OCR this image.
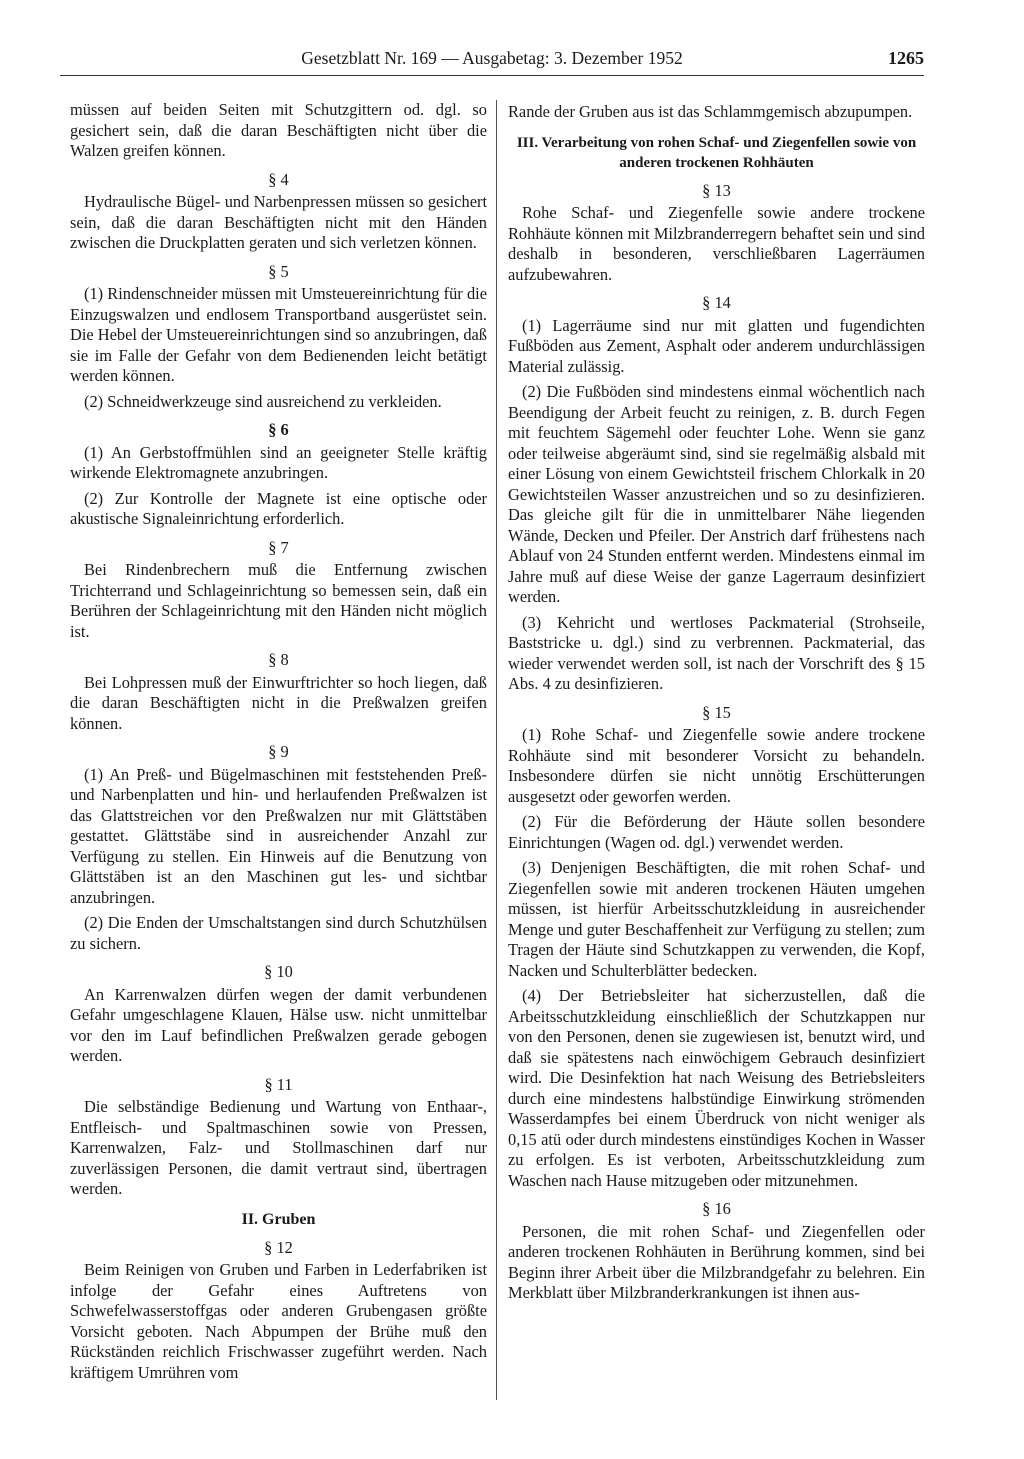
Gesetzblatt Nr. 169 — Ausgabetag: 3. Dezember 1952	1265

müssen auf beiden Seiten mit Schutzgittern od. dgl. so gesichert sein, daß die daran Beschäftigten nicht über die Walzen greifen können.

§ 4

Hydraulische Bügel- und Narbenpressen müssen so gesichert sein, daß die daran Beschäftigten nicht mit den Händen zwischen die Druckplatten geraten und sich verletzen können.

§ 5

(1) Rindenschneider müssen mit Umsteuereinrichtung für die Einzugswalzen und endlosem Transportband ausgerüstet sein. Die Hebel der Umsteuereinrichtungen sind so anzubringen, daß sie im Falle der Gefahr von dem Bedienenden leicht betätigt werden können.

(2) Schneidwerkzeuge sind ausreichend zu verkleiden.

§ 6

(1) An Gerbstoffmühlen sind an geeigneter Stelle kräftig wirkende Elektromagnete anzubringen.

(2) Zur Kontrolle der Magnete ist eine optische oder akustische Signaleinrichtung erforderlich.

§ 7

Bei Rindenbrechern muß die Entfernung zwischen Trichterrand und Schlageinrichtung so bemessen sein, daß ein Berühren der Schlageinrichtung mit den Händen nicht möglich ist.

§ 8

Bei Lohpressen muß der Einwurftrichter so hoch liegen, daß die daran Beschäftigten nicht in die Preßwalzen greifen können.

§ 9

(1) An Preß- und Bügelmaschinen mit feststehenden Preß- und Narbenplatten und hin- und herlaufenden Preßwalzen ist das Glattstreichen vor den Preßwalzen nur mit Glättstäben gestattet. Glättstäbe sind in ausreichender Anzahl zur Verfügung zu stellen. Ein Hinweis auf die Benutzung von Glättstäben ist an den Maschinen gut les- und sichtbar anzubringen.

(2) Die Enden der Umschaltstangen sind durch Schutzhülsen zu sichern.

§ 10

An Karrenwalzen dürfen wegen der damit verbundenen Gefahr umgeschlagene Klauen, Hälse usw. nicht unmittelbar vor den im Lauf befindlichen Preßwalzen gerade gebogen werden.

§ 11

Die selbständige Bedienung und Wartung von Enthaar-, Entfleisch- und Spaltmaschinen sowie von Pressen, Karrenwalzen, Falz- und Stollmaschinen darf nur zuverlässigen Personen, die damit vertraut sind, übertragen werden.

II. Gruben
§ 12

Beim Reinigen von Gruben und Farben in Lederfabriken ist infolge der Gefahr eines Auftretens von Schwefelwasserstoffgas oder anderen Grubengasen größte Vorsicht geboten. Nach Abpumpen der Brühe muß den Rückständen reichlich Frischwasser zugeführt werden. Nach kräftigem Umrühren vom

Rande der Gruben aus ist das Schlammgemisch abzupumpen.

III. Verarbeitung von rohen Schaf- und Ziegenfellen sowie von anderen trockenen Rohhäuten
§ 13

Rohe Schaf- und Ziegenfelle sowie andere trockene Rohhäute können mit Milzbranderregern behaftet sein und sind deshalb in besonderen, verschließbaren Lagerräumen aufzubewahren.

§ 14

(1) Lagerräume sind nur mit glatten und fugendichten Fußböden aus Zement, Asphalt oder anderem undurchlässigen Material zulässig.

(2) Die Fußböden sind mindestens einmal wöchentlich nach Beendigung der Arbeit feucht zu reinigen, z. B. durch Fegen mit feuchtem Sägemehl oder feuchter Lohe. Wenn sie ganz oder teilweise abgeräumt sind, sind sie regelmäßig alsbald mit einer Lösung von einem Gewichtsteil frischem Chlorkalk in 20 Gewichtsteilen Wasser anzustreichen und so zu desinfizieren. Das gleiche gilt für die in unmittelbarer Nähe liegenden Wände, Decken und Pfeiler. Der Anstrich darf frühestens nach Ablauf von 24 Stunden entfernt werden. Mindestens einmal im Jahre muß auf diese Weise der ganze Lagerraum desinfiziert werden.

(3) Kehricht und wertloses Packmaterial (Strohseile, Baststricke u. dgl.) sind zu verbrennen. Packmaterial, das wieder verwendet werden soll, ist nach der Vorschrift des § 15 Abs. 4 zu desinfizieren.

§ 15

(1) Rohe Schaf- und Ziegenfelle sowie andere trockene Rohhäute sind mit besonderer Vorsicht zu behandeln. Insbesondere dürfen sie nicht unnötig Erschütterungen ausgesetzt oder geworfen werden.

(2) Für die Beförderung der Häute sollen besondere Einrichtungen (Wagen od. dgl.) verwendet werden.

(3) Denjenigen Beschäftigten, die mit rohen Schaf- und Ziegenfellen sowie mit anderen trockenen Häuten umgehen müssen, ist hierfür Arbeitsschutzkleidung in ausreichender Menge und guter Beschaffenheit zur Verfügung zu stellen; zum Tragen der Häute sind Schutzkappen zu verwenden, die Kopf, Nacken und Schulterblätter bedecken.

(4) Der Betriebsleiter hat sicherzustellen, daß die Arbeitsschutzkleidung einschließlich der Schutzkappen nur von den Personen, denen sie zugewiesen ist, benutzt wird, und daß sie spätestens nach einwöchigem Gebrauch desinfiziert wird. Die Desinfektion hat nach Weisung des Betriebsleiters durch eine mindestens halbstündige Einwirkung strömenden Wasserdampfes bei einem Überdruck von nicht weniger als 0,15 atü oder durch mindestens einstündiges Kochen in Wasser zu erfolgen. Es ist verboten, Arbeitsschutzkleidung zum Waschen nach Hause mitzugeben oder mitzunehmen.

§ 16

Personen, die mit rohen Schaf- und Ziegenfellen oder anderen trockenen Rohhäuten in Berührung kommen, sind bei Beginn ihrer Arbeit über die Milzbrandgefahr zu belehren. Ein Merkblatt über Milzbranderkrankungen ist ihnen aus-
